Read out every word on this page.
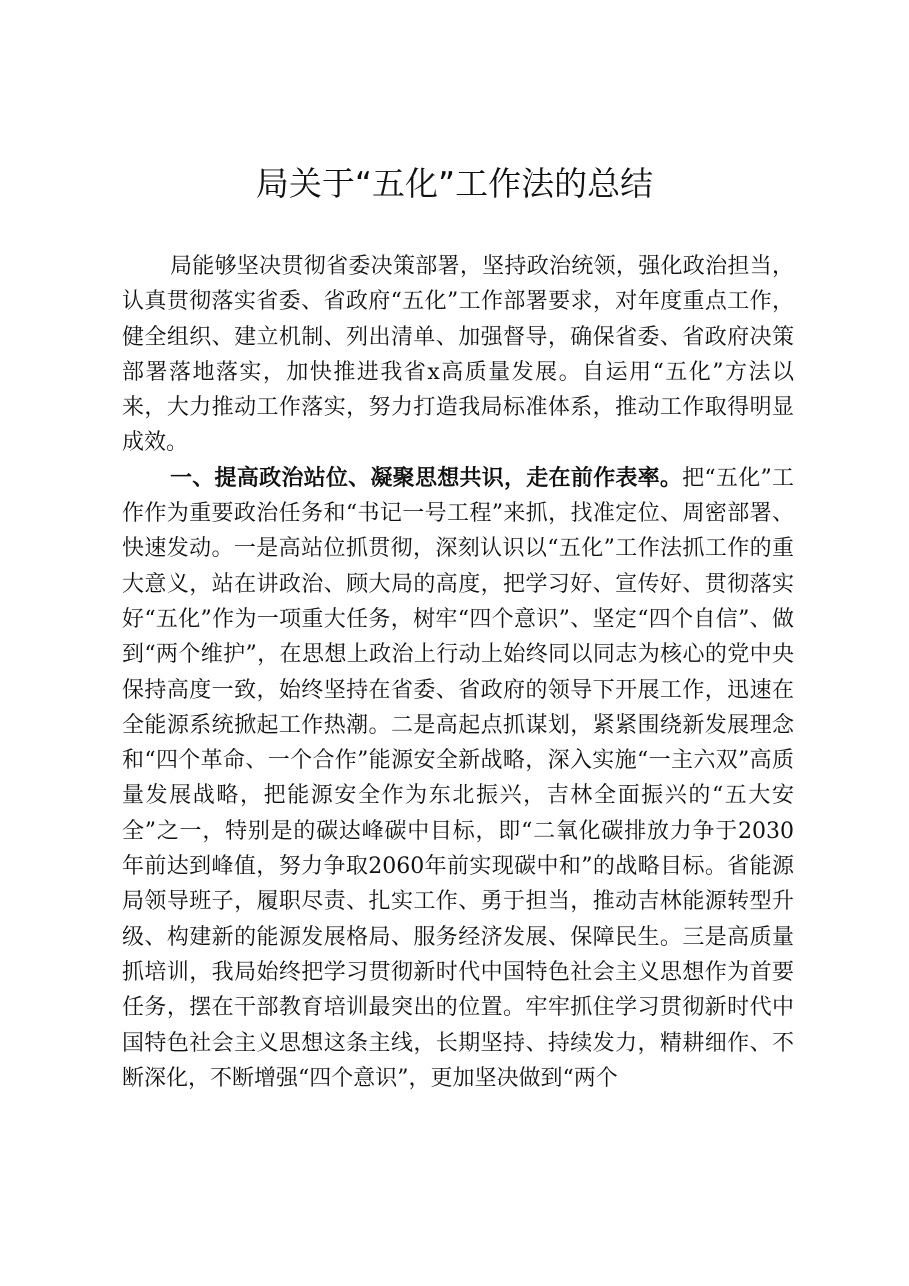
局关于“五化”工作法的总结

局能够坚决贯彻省委决策部署，坚持政治统领，强化政治担当，认真贯彻落实省委、省政府“五化”工作部署要求，对年度重点工作，健全组织、建立机制、列出清单、加强督导，确保省委、省政府决策部署落地落实，加快推进我省x高质量发展。自运用“五化”方法以来，大力推动工作落实，努力打造我局标准体系，推动工作取得明显成效。

一、提高政治站位、凝聚思想共识，走在前作表率。把“五化”工作作为重要政治任务和“书记一号工程”来抓，找准定位、周密部署、快速发动。一是高站位抓贯彻，深刻认识以“五化”工作法抓工作的重大意义，站在讲政治、顾大局的高度，把学习好、宣传好、贯彻落实好“五化”作为一项重大任务，树牢“四个意识”、坚定“四个自信”、做到“两个维护”，在思想上政治上行动上始终同以同志为核心的党中央保持高度一致，始终坚持在省委、省政府的领导下开展工作，迅速在全能源系统掀起工作热潮。二是高起点抓谋划，紧紧围绕新发展理念和“四个革命、一个合作”能源安全新战略，深入实施“一主六双”高质量发展战略，把能源安全作为东北振兴，吉林全面振兴的“五大安全”之一，特别是的碳达峰碳中目标，即“二氧化碳排放力争于2030年前达到峰值，努力争取2060年前实现碳中和”的战略目标。省能源局领导班子，履职尽责、扎实工作、勇于担当，推动吉林能源转型升级、构建新的能源发展格局、服务经济发展、保障民生。三是高质量抓培训，我局始终把学习贯彻新时代中国特色社会主义思想作为首要任务，摆在干部教育培训最突出的位置。牢牢抓住学习贯彻新时代中国特色社会主义思想这条主线，长期坚持、持续发力，精耕细作、不断深化，不断增强“四个意识”，更加坚决做到“两个
